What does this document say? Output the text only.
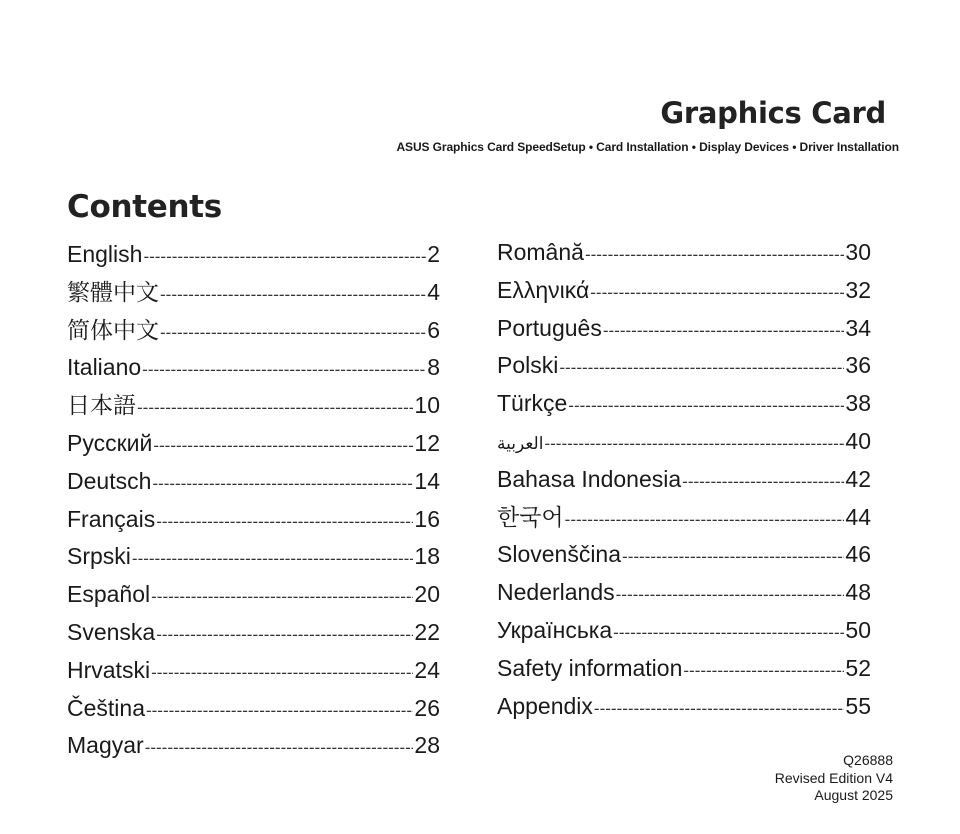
Graphics Card
ASUS Graphics Card SpeedSetup • Card Installation • Display Devices • Driver Installation
Contents
English -----	2
繁體中文 -----	4
简体中文 -----	6
Italiano -----	8
日本語 -----	10
Русский -----	12
Deutsch -----	14
Français -----	16
Srpski -----	18
Español -----	20
Svenska -----	22
Hrvatski -----	24
Čeština -----	26
Magyar -----	28
Română -----	30
Ελληνικά -----	32
Português -----	34
Polski -----	36
Türkçe -----	38
العربية -----	40
Bahasa Indonesia -----	42
한국어 -----	44
Slovenščina -----	46
Nederlands -----	48
Українська -----	50
Safety information -----	52
Appendix -----	55
Q26888
Revised Edition V4
August 2025
